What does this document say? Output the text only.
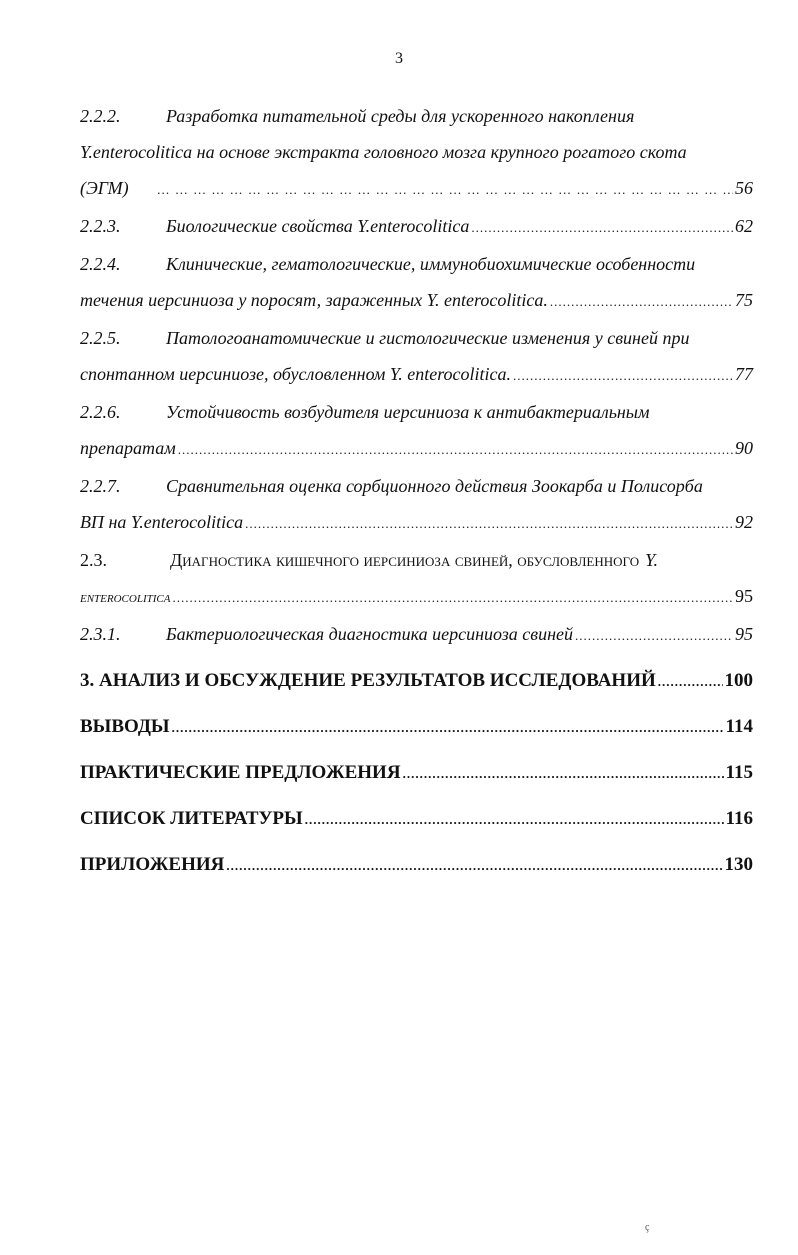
3
2.2.2.	Разработка питательной среды для ускоренного накопления
Y.enterocolitica на основе экстракта головного мозга крупного рогатого скота
(ЭГМ) … … … … … … … … … … … … … … … … … … … … … … … … … … … … … … … … … … … … … … … … … … … … … … … … … … … … …	56
2.2.3.	Биологические свойства Y.enterocolitica .....	62
2.2.4.	Клинические, гематологические, иммунобиохимические особенности
течения иерсиниоза у поросят, зараженных Y. enterocolitica. .....	75
2.2.5.	Патологоанатомические и гистологические изменения у свиней при
спонтанном иерсиниозе, обусловленном Y. enterocolitica. .....	77
2.2.6.	Устойчивость возбудителя иерсиниоза к антибактериальным
препаратам .....	90
2.2.7.	Сравнительная оценка сорбционного действия Зоокарба и Полисорба
ВП на Y.enterocolitica .....	92
2.3.	Диагностика кишечного иерсиниоза свиней, обусловленного Y.
enterocolitica .....	95
2.3.1.	Бактериологическая диагностика иерсиниоза свиней .....	95
3. АНАЛИЗ И ОБСУЖДЕНИЕ РЕЗУЛЬТАТОВ ИССЛЕДОВАНИЙ .....	100
ВЫВОДЫ .....	114
ПРАКТИЧЕСКИЕ ПРЕДЛОЖЕНИЯ .....	115
СПИСОК ЛИТЕРАТУРЫ .....	116
ПРИЛОЖЕНИЯ .....	130
ç
